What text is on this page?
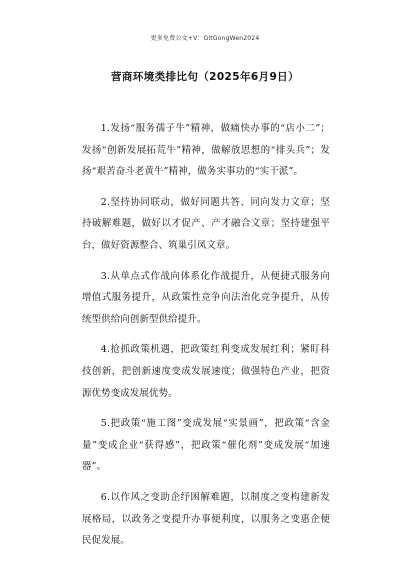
更多免费公文+V：GitGongWen2024
营商环境类排比句（2025年6月9日）

1.发扬“服务孺子牛”精神，做痛快办事的“店小二”；发扬“创新发展拓荒牛”精神，做解放思想的“排头兵”；发扬“艰苦奋斗老黄牛”精神，做务实事功的“实干派”。

2.坚持协同联动，做好同题共答、同向发力文章；坚持破解难题，做好以才促产、产才融合文章；坚持建强平台，做好资源整合、筑巢引凤文章。

3.从单点式作战向体系化作战提升，从便捷式服务向增值式服务提升，从政策性竞争向法治化竞争提升，从传统型供给向创新型供给提升。

4.抢抓政策机遇，把政策红利变成发展红利；紧盯科技创新，把创新速度变成发展速度；做强特色产业，把资源优势变成发展优势。

5.把政策“施工图”变成发展“实景画”，把政策“含金量”变成企业“获得感”，把政策“催化剂”变成发展“加速器”。

6.以作风之变助企纾困解难题，以制度之变构建新发展格局，以政务之变提升办事便利度，以服务之变惠企便民促发展。
